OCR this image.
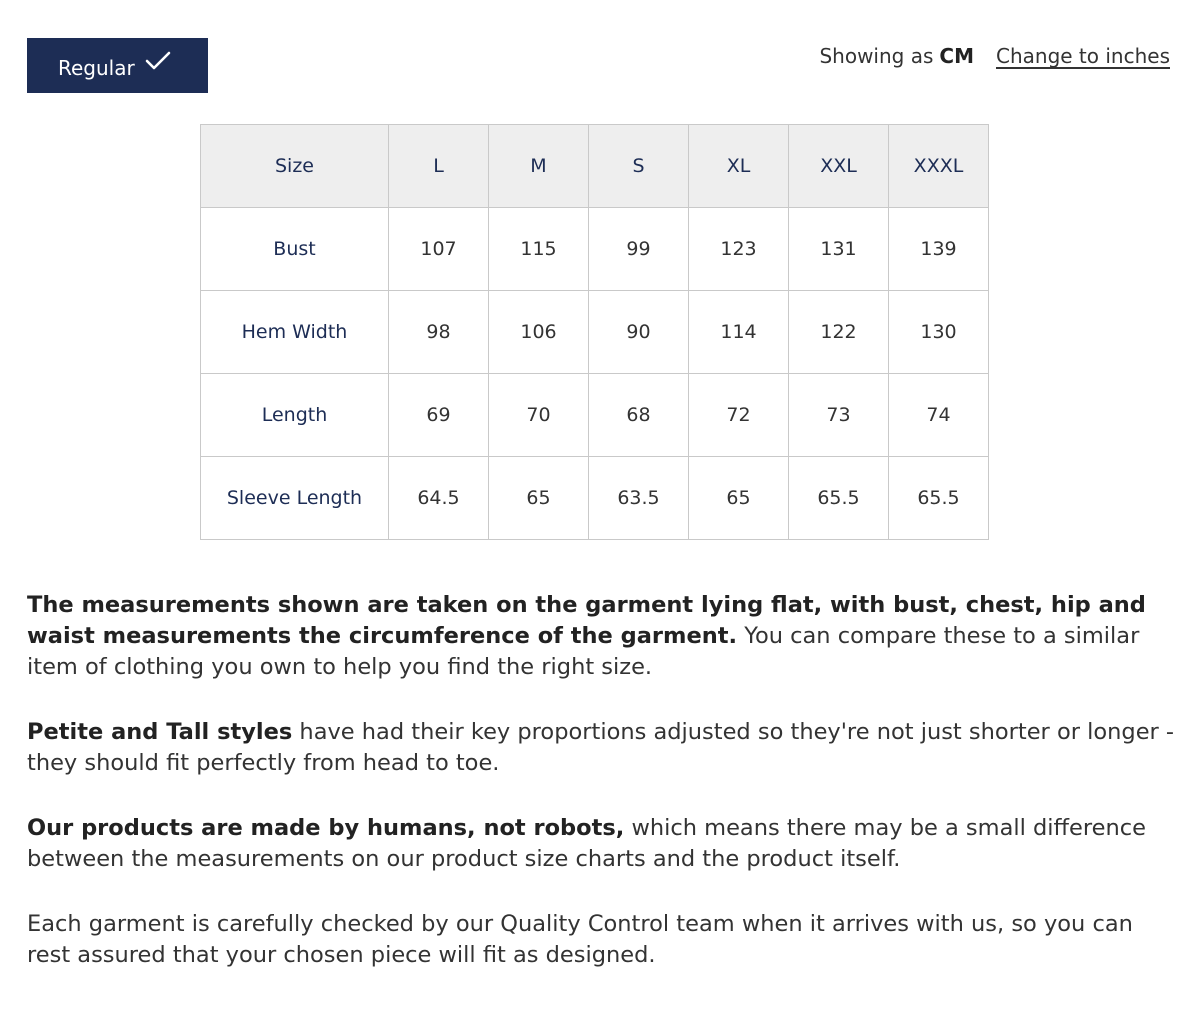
Regular	Showing as CM Change to inches
Size	L	M	S	XL	XXL	XXXL
Bust	107	115	99	123	131	139
Hem Width	98	106	90	114	122	130
Length	69	70	68	72	73	74
Sleeve Length	64.5	65	63.5	65	65.5	65.5

The measurements shown are taken on the garment lying flat, with bust, chest, hip and waist measurements the circumference of the garment. You can compare these to a similar item of clothing you own to help you find the right size.

Petite and Tall styles have had their key proportions adjusted so they're not just shorter or longer - they should fit perfectly from head to toe.

Our products are made by humans, not robots, which means there may be a small difference between the measurements on our product size charts and the product itself.

Each garment is carefully checked by our Quality Control team when it arrives with us, so you can rest assured that your chosen piece will fit as designed.
